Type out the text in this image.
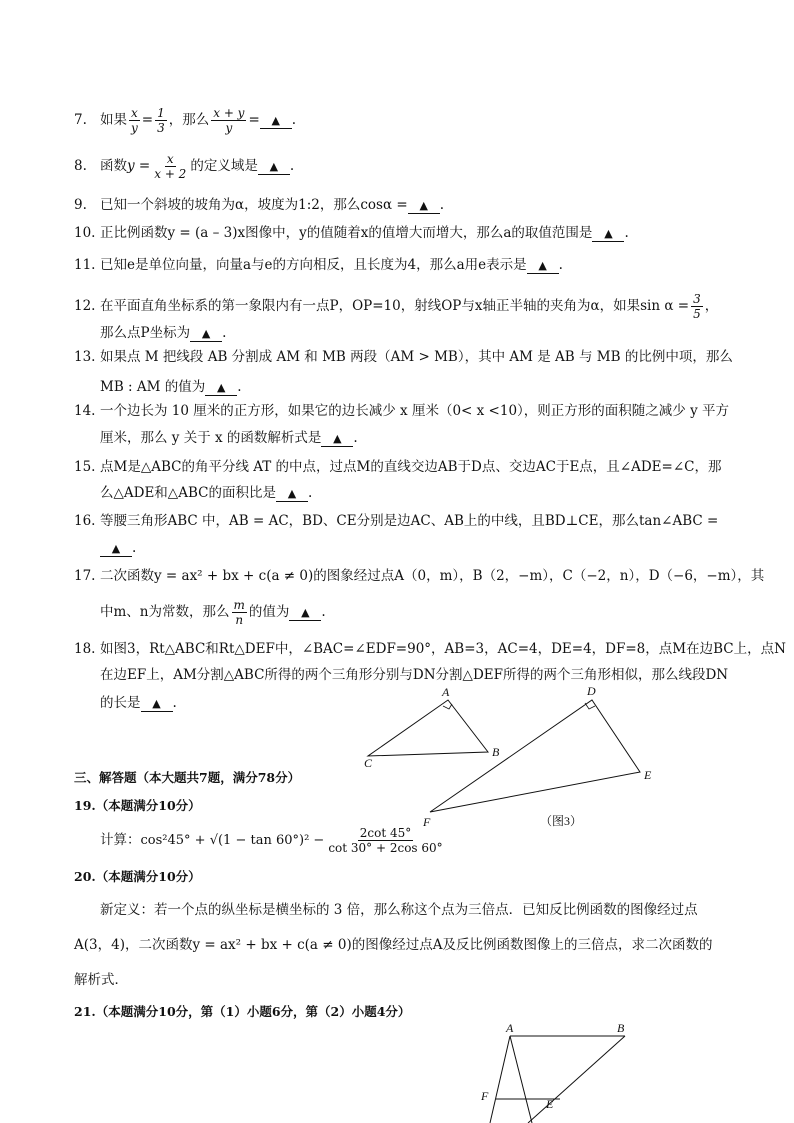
7. 如果 $\frac{x}{y} = \frac{1}{3}$ ，那么 $\frac{x + y}{y}$ = ▲ .
8. 函数$y = \frac{x}{x + 2}$ 的定义域是 ▲ .
9. 已知一个斜坡的坡角为α，坡度为1:2，那么cosα = ▲ .
10. 正比例函数y = (a – 3)x图像中，y的值随着x的值增大而增大，那么a的取值范围是 ▲ .
11. 已知e是单位向量，向量a与e的方向相反，且长度为4，那么a用e表示是 ▲ .
12. 在平面直角坐标系的第一象限内有一点P，OP=10，射线OP与x轴正半轴的夹角为α，如果$\sin \alpha = \frac{3}{5}$ ，
那么点P坐标为 ▲ .
13. 如果点 M 把线段 AB 分割成 AM 和 MB 两段（AM > MB），其中 AM 是 AB 与 MB 的比例中项，那么
MB : AM 的值为 ▲ .
14. 一个边长为 10 厘米的正方形，如果它的边长减少 x 厘米（0< x <10），则正方形的面积随之减少 y 平方
厘米，那么 y 关于 x 的函数解析式是 ▲ .
15. 点M是△ABC的角平分线 AT 的中点，过点M的直线交边AB于D点、交边AC于E点，且∠ADE=∠C，那
么△ADE和△ABC的面积比是 ▲ .
16. 等腰三角形ABC 中，AB = AC，BD、CE分别是边AC、AB上的中线，且BD⊥CE，那么tan∠ABC =
▲ .
17. 二次函数y = ax² + bx + c(a ≠ 0)的图象经过点A（0，m），B（2，−m），C（−2，n），D（−6，−m），其
中m、n为常数，那么 $\frac{m}{n}$ 的值为 ▲ .
18. 如图3，Rt△ABC和Rt△DEF中，∠BAC=∠EDF=90°，AB=3，AC=4，DE=4，DF=8，点M在边BC上，点N
在边EF上，AM分割△ABC所得的两个三角形分别与DN分割△DEF所得的两个三角形相似，那么线段DN
的长是 ▲ .
A
B
C
D
E
F	（图3）
A	B
F
E
三、解答题（本大题共7题，满分78分）
19.（本题满分10分）
计算：$\cos^245^\circ + √(1 - \tan 60^\circ)^2 - \frac{2\cot 45^\circ}{\cot 30^\circ + 2\cos 60^\circ}$
20.（本题满分10分）
新定义：若一个点的纵坐标是横坐标的 3 倍，那么称这个点为三倍点．已知反比例函数的图像经过点
A(3，4)，二次函数y = ax² + bx + c(a ≠ 0)的图像经过点A及反比例函数图像上的三倍点，求二次函数的
解析式．
21.（本题满分10分，第（1）小题6分，第（2）小题4分）
